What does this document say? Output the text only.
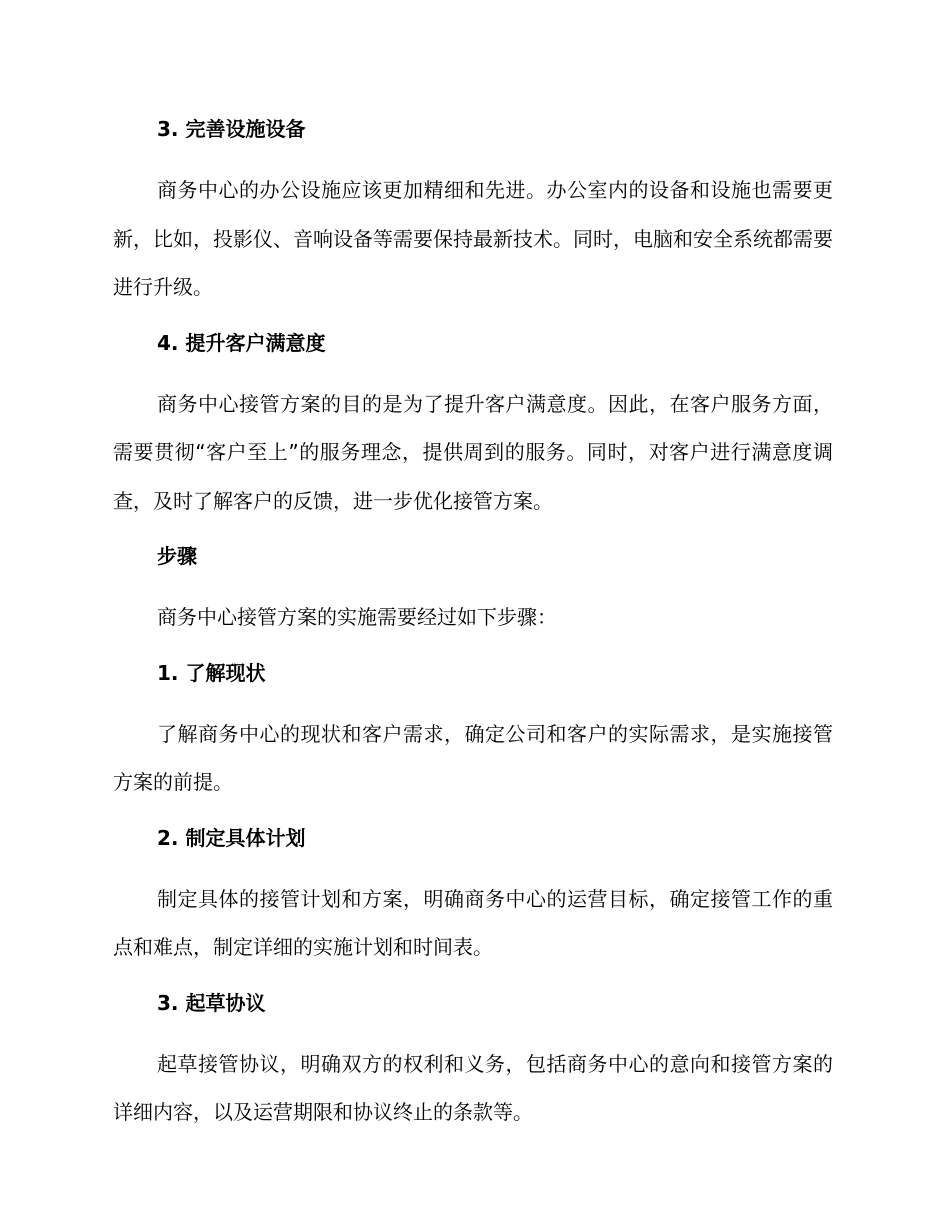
3. 完善设施设备

商务中心的办公设施应该更加精细和先进。办公室内的设备和设施也需要更新，比如，投影仪、音响设备等需要保持最新技术。同时，电脑和安全系统都需要进行升级。

4. 提升客户满意度

商务中心接管方案的目的是为了提升客户满意度。因此，在客户服务方面，需要贯彻“客户至上”的服务理念，提供周到的服务。同时，对客户进行满意度调查，及时了解客户的反馈，进一步优化接管方案。

步骤

商务中心接管方案的实施需要经过如下步骤：

1. 了解现状

了解商务中心的现状和客户需求，确定公司和客户的实际需求，是实施接管方案的前提。

2. 制定具体计划

制定具体的接管计划和方案，明确商务中心的运营目标，确定接管工作的重点和难点，制定详细的实施计划和时间表。

3. 起草协议

起草接管协议，明确双方的权利和义务，包括商务中心的意向和接管方案的详细内容，以及运营期限和协议终止的条款等。
